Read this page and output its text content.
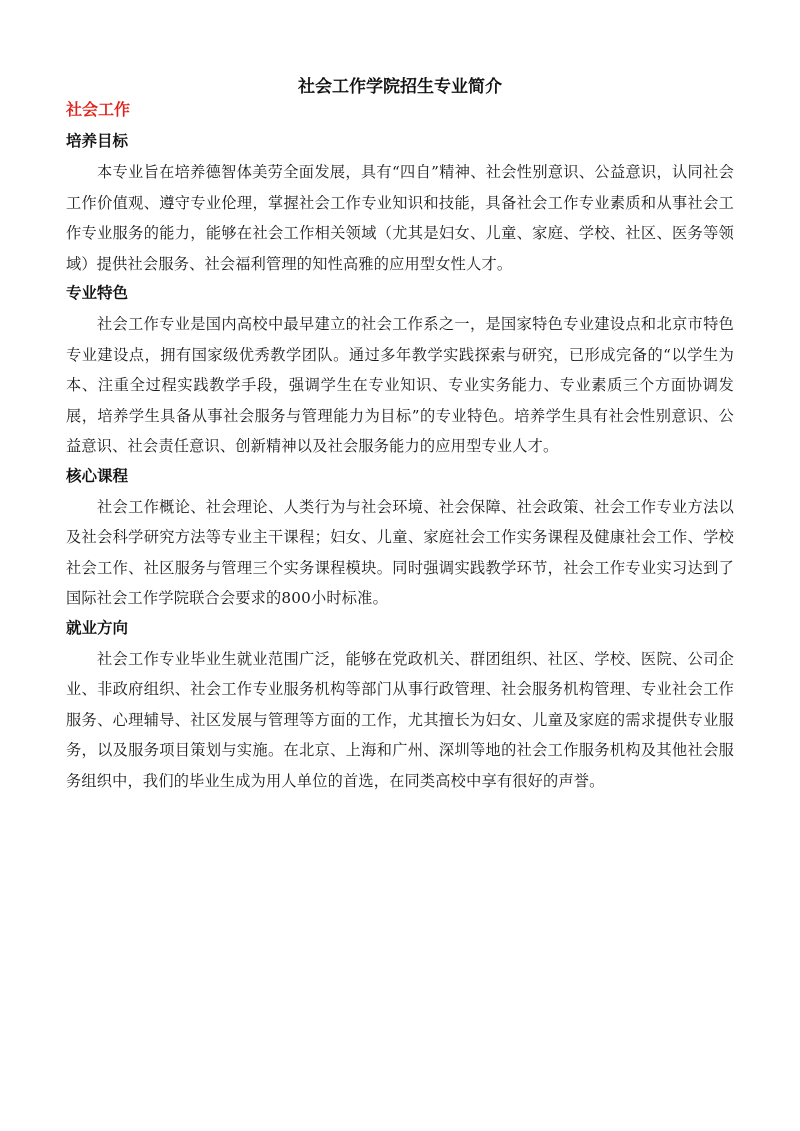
社会工作学院招生专业简介
社会工作
培养目标

本专业旨在培养德智体美劳全面发展，具有“四自”精神、社会性别意识、公益意识，认同社会工作价值观、遵守专业伦理，掌握社会工作专业知识和技能，具备社会工作专业素质和从事社会工作专业服务的能力，能够在社会工作相关领域（尤其是妇女、儿童、家庭、学校、社区、医务等领域）提供社会服务、社会福利管理的知性高雅的应用型女性人才。

专业特色

社会工作专业是国内高校中最早建立的社会工作系之一，是国家特色专业建设点和北京市特色专业建设点，拥有国家级优秀教学团队。通过多年教学实践探索与研究，已形成完备的“以学生为本、注重全过程实践教学手段，强调学生在专业知识、专业实务能力、专业素质三个方面协调发展，培养学生具备从事社会服务与管理能力为目标”的专业特色。培养学生具有社会性别意识、公益意识、社会责任意识、创新精神以及社会服务能力的应用型专业人才。

核心课程

社会工作概论、社会理论、人类行为与社会环境、社会保障、社会政策、社会工作专业方法以及社会科学研究方法等专业主干课程；妇女、儿童、家庭社会工作实务课程及健康社会工作、学校社会工作、社区服务与管理三个实务课程模块。同时强调实践教学环节，社会工作专业实习达到了国际社会工作学院联合会要求的800小时标准。

就业方向

社会工作专业毕业生就业范围广泛，能够在党政机关、群团组织、社区、学校、医院、公司企业、非政府组织、社会工作专业服务机构等部门从事行政管理、社会服务机构管理、专业社会工作服务、心理辅导、社区发展与管理等方面的工作，尤其擅长为妇女、儿童及家庭的需求提供专业服务，以及服务项目策划与实施。在北京、上海和广州、深圳等地的社会工作服务机构及其他社会服务组织中，我们的毕业生成为用人单位的首选，在同类高校中享有很好的声誉。
